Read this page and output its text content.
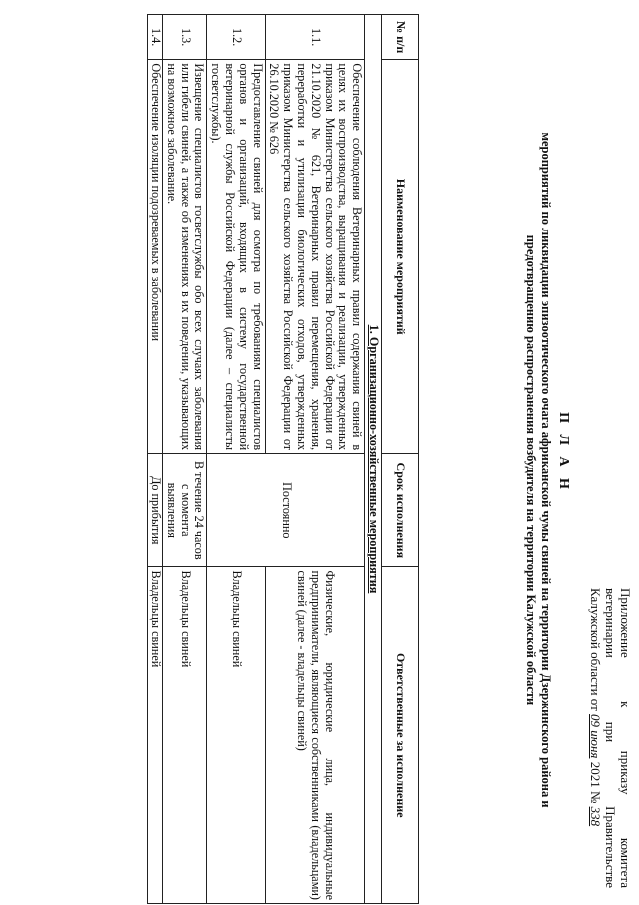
Приложение
к
приказу
комитета
ветеринарии
при
Правительстве
Калужской области от 09 июня 2021 № 338
П Л А Н
мероприятий по ликвидации эпизоотического очага африканской чумы свиней на территории Дзержинского района и предотвращению распространения возбудителя на территории Калужской области
№ п/п	Наименование мероприятий	Срок исполнения	Ответственные за исполнение
1. Организационно-хозяйственные мероприятия			
1.1.	Обеспечение соблюдения Ветеринарных правил содержания свиней в целях их воспроизводства, выращивания и реализации, утвержденных приказом Министерства сельского хозяйства Российской Федерации от 21.10.2020 № 621, Ветеринарных правил перемещения, хранения, переработки и утилизации биологических отходов, утвержденных приказом Министерства сельского хозяйства Российской Федерации от 26.10.2020 № 626	Постоянно	Физические, юридические лица, индивидуальные предприниматели, являющиеся собственниками (владельцами) свиней (далее - владельцы свиней)
1.2.	Предоставление свиней для осмотра по требованиям специалистов органов и организаций, входящих в систему государственной ветеринарной службы Российской Федерации (далее – специалисты госветслужбы).		Владельцы свиней
1.3.	Извещение специалистов госветслужбы обо всех случаях заболевания или гибели свиней, а также об изменениях в их поведении, указывающих на возможное заболевание.	В течение 24 часов с момента выявления	Владельцы свиней
1.4.	Обеспечение изоляции подозреваемых в заболевании	До прибытия	Владельцы свиней
